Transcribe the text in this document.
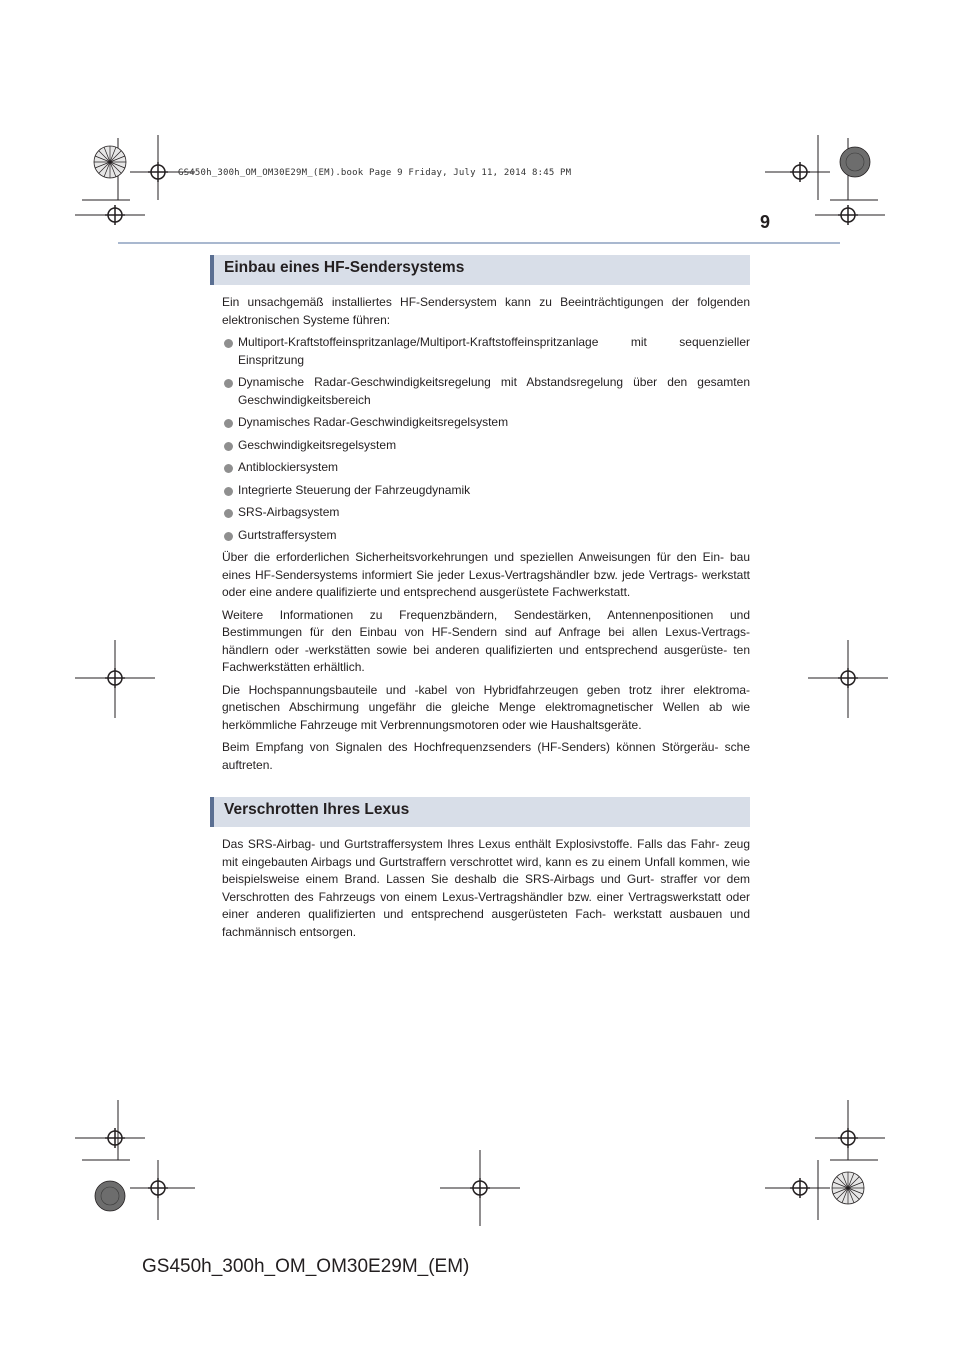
GS450h_300h_OM_OM30E29M_(EM).book Page 9 Friday, July 11, 2014 8:45 PM
9
Einbau eines HF-Sendersystems

Ein unsachgemäß installiertes HF-Sendersystem kann zu Beeinträchtigungen der folgenden elektronischen Systeme führen:

Multiport-Kraftstoffeinspritzanlage/Multiport-Kraftstoffeinspritzanlage mit sequenzieller Einspritzung
Dynamische Radar-Geschwindigkeitsregelung mit Abstandsregelung über den gesamten Geschwindigkeitsbereich
Dynamisches Radar-Geschwindigkeitsregelsystem
Geschwindigkeitsregelsystem
Antiblockiersystem
Integrierte Steuerung der Fahrzeugdynamik
SRS-Airbagsystem
Gurtstraffersystem

Über die erforderlichen Sicherheitsvorkehrungen und speziellen Anweisungen für den Ein- bau eines HF-Sendersystems informiert Sie jeder Lexus-Vertragshändler bzw. jede Vertrags- werkstatt oder eine andere qualifizierte und entsprechend ausgerüstete Fachwerkstatt.

Weitere Informationen zu Frequenzbändern, Sendestärken, Antennenpositionen und Bestimmungen für den Einbau von HF-Sendern sind auf Anfrage bei allen Lexus-Vertrags- händlern oder -werkstätten sowie bei anderen qualifizierten und entsprechend ausgerüste- ten Fachwerkstätten erhältlich.

Die Hochspannungsbauteile und -kabel von Hybridfahrzeugen geben trotz ihrer elektroma- gnetischen Abschirmung ungefähr die gleiche Menge elektromagnetischer Wellen ab wie herkömmliche Fahrzeuge mit Verbrennungsmotoren oder wie Haushaltsgeräte.

Beim Empfang von Signalen des Hochfrequenzsenders (HF-Senders) können Störgeräu- sche auftreten.

Verschrotten Ihres Lexus

Das SRS-Airbag- und Gurtstraffersystem Ihres Lexus enthält Explosivstoffe. Falls das Fahr- zeug mit eingebauten Airbags und Gurtstraffern verschrottet wird, kann es zu einem Unfall kommen, wie beispielsweise einem Brand. Lassen Sie deshalb die SRS-Airbags und Gurt- straffer vor dem Verschrotten des Fahrzeugs von einem Lexus-Vertragshändler bzw. einer Vertragswerkstatt oder einer anderen qualifizierten und entsprechend ausgerüsteten Fach- werkstatt ausbauen und fachmännisch entsorgen.

GS450h_300h_OM_OM30E29M_(EM)
